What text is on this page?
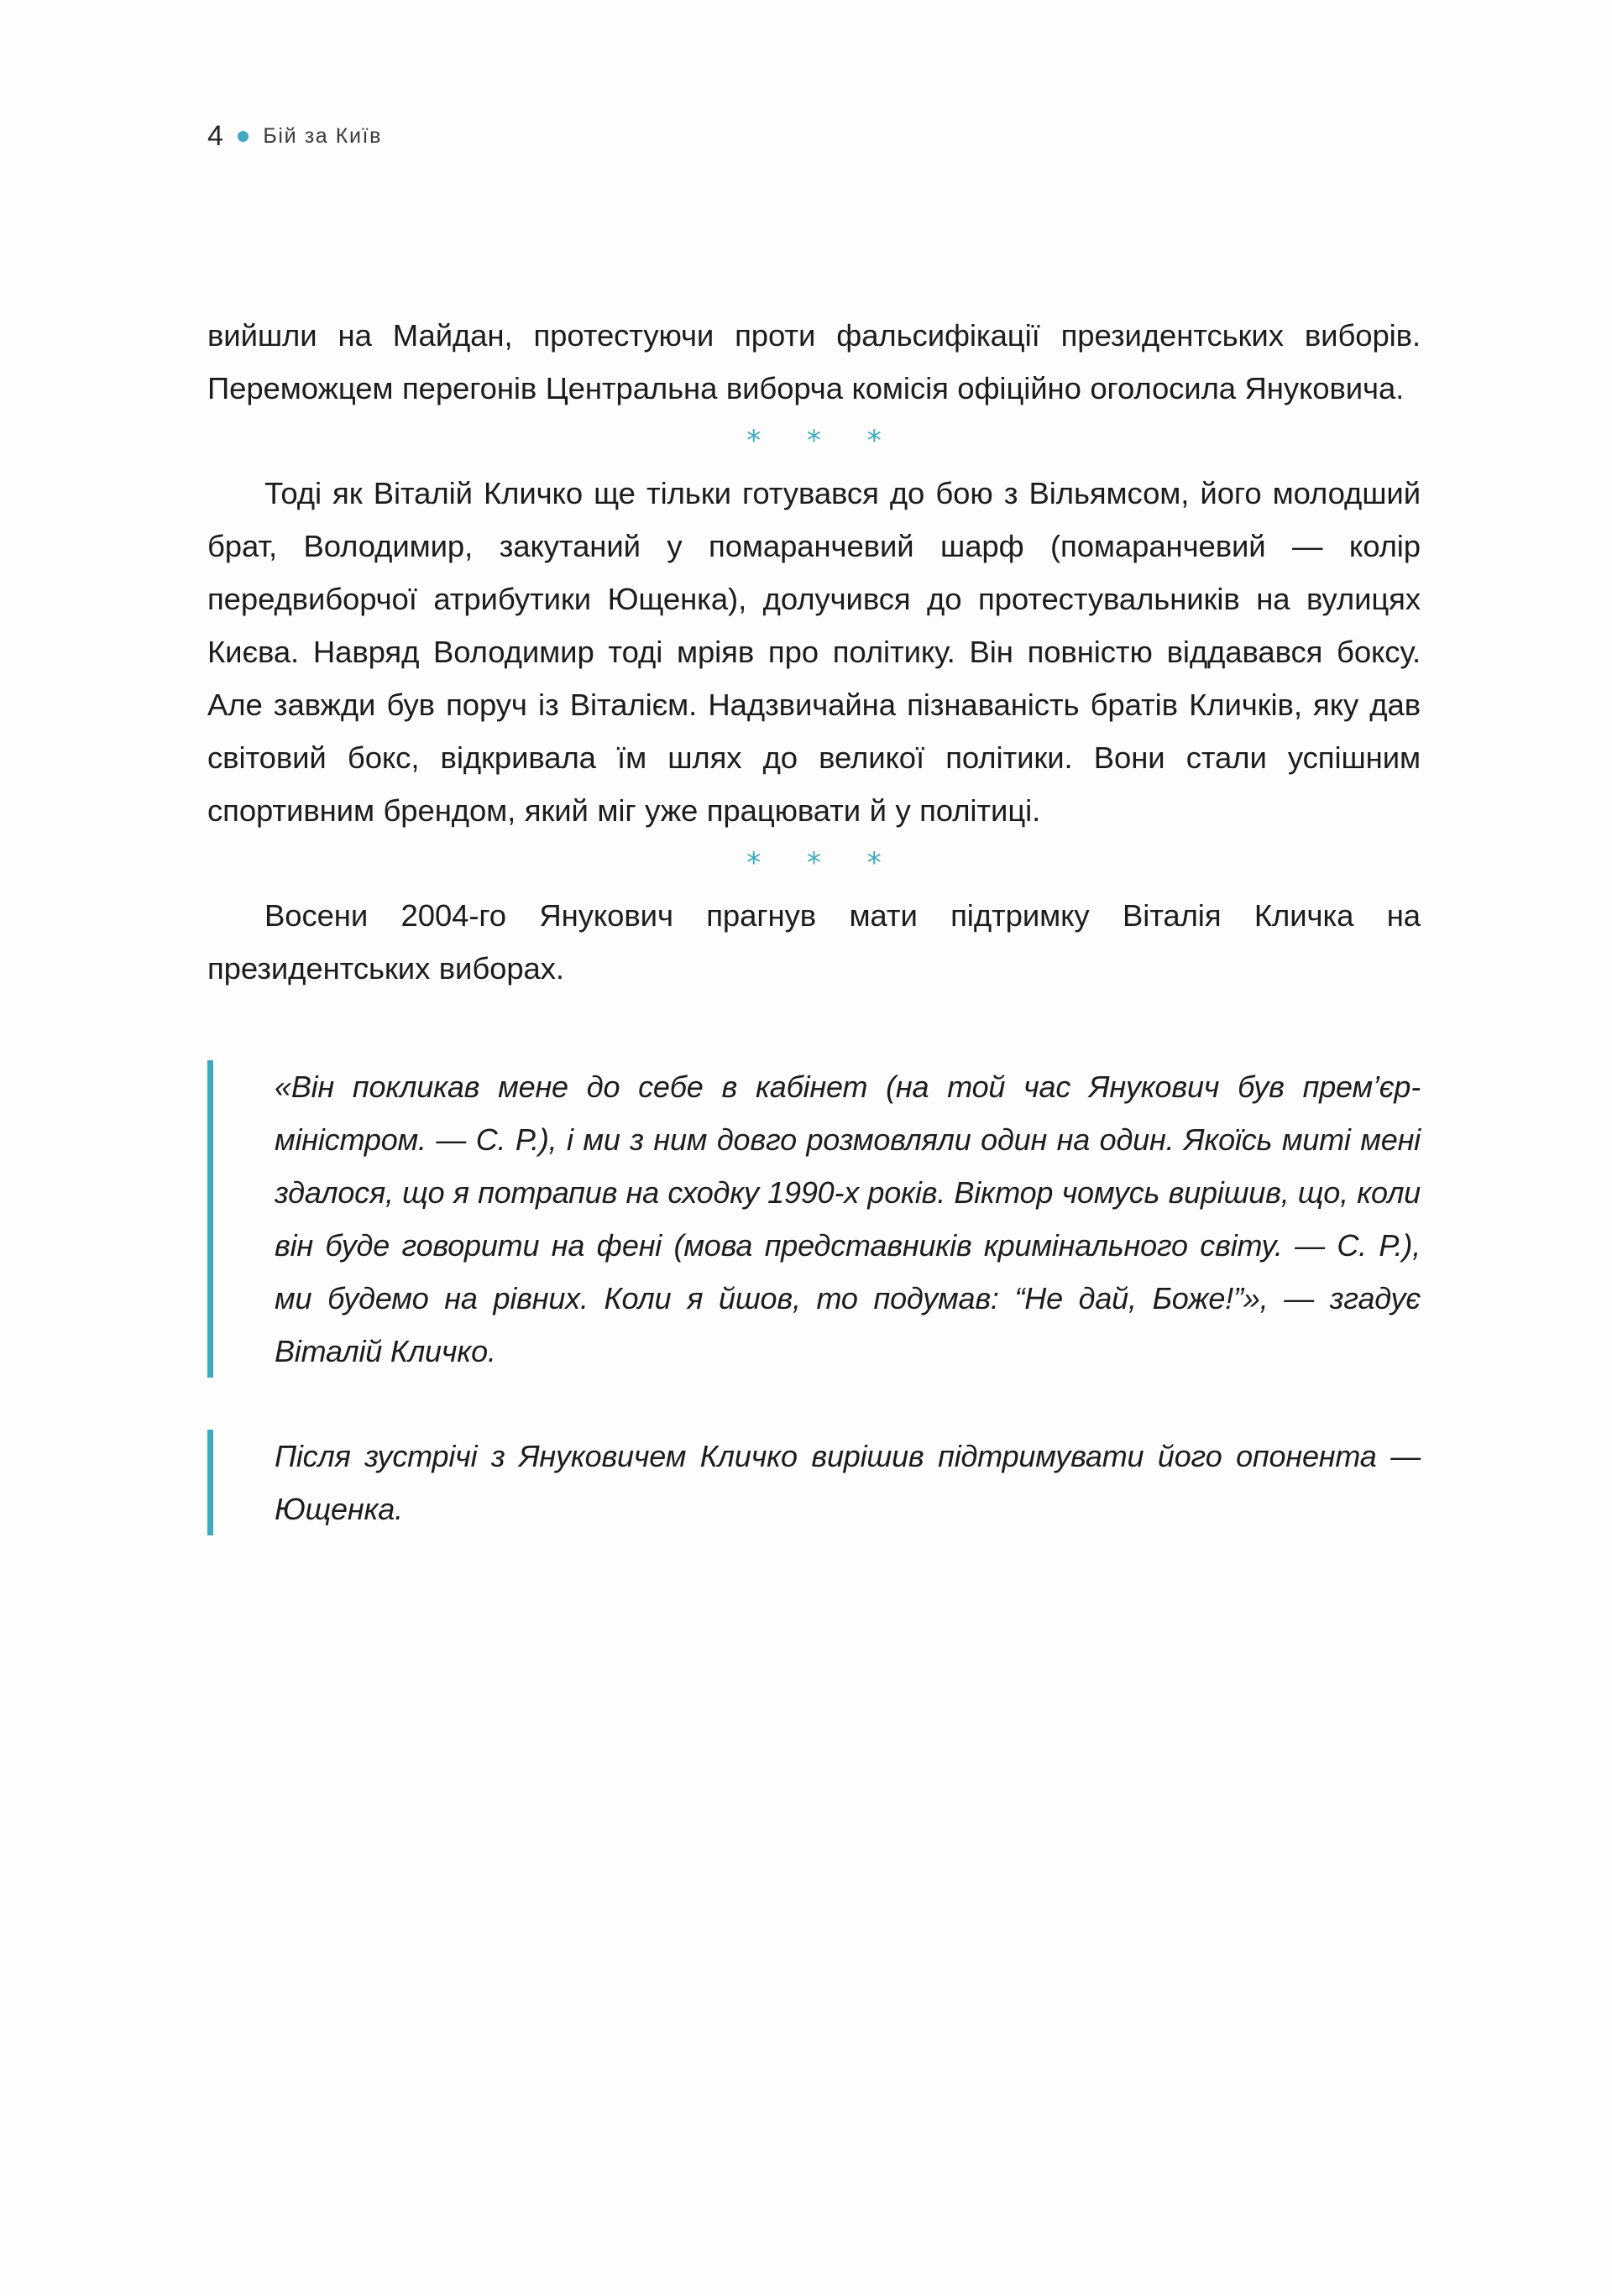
4 Бій за Київ

вийшли на Майдан, протестуючи проти фальсифікації президентських виборів. Переможцем перегонів Центральна виборча комісія офіційно оголосила Януковича.

* * *

Тоді як Віталій Кличко ще тільки готувався до бою з Вільямсом, його молодший брат, Володимир, закутаний у помаранчевий шарф (помаранчевий — колір передвиборчої атрибутики Ющенка), долучився до протестувальників на вулицях Києва. Навряд Володимир тоді мріяв про політику. Він повністю віддавався боксу. Але завжди був поруч із Віталієм. Надзвичайна пізнаваність братів Кличків, яку дав світовий бокс, відкривала їм шлях до великої політики. Вони стали успішним спортивним брендом, який міг уже працювати й у політиці.

* * *

Восени 2004-го Янукович прагнув мати підтримку Віталія Кличка на президентських виборах.

«Він покликав мене до себе в кабінет (на той час Янукович був прем’єр-міністром. — С. Р.), і ми з ним довго розмовляли один на один. Якоїсь миті мені здалося, що я потрапив на сходку 1990-х років. Віктор чомусь вирішив, що, коли він буде говорити на фені (мова представників кримінального світу. — С. Р.), ми будемо на рівних. Коли я йшов, то подумав: “Не дай, Боже!”», — згадує Віталій Кличко.

Після зустрічі з Януковичем Кличко вирішив підтримувати його опонента — Ющенка.
